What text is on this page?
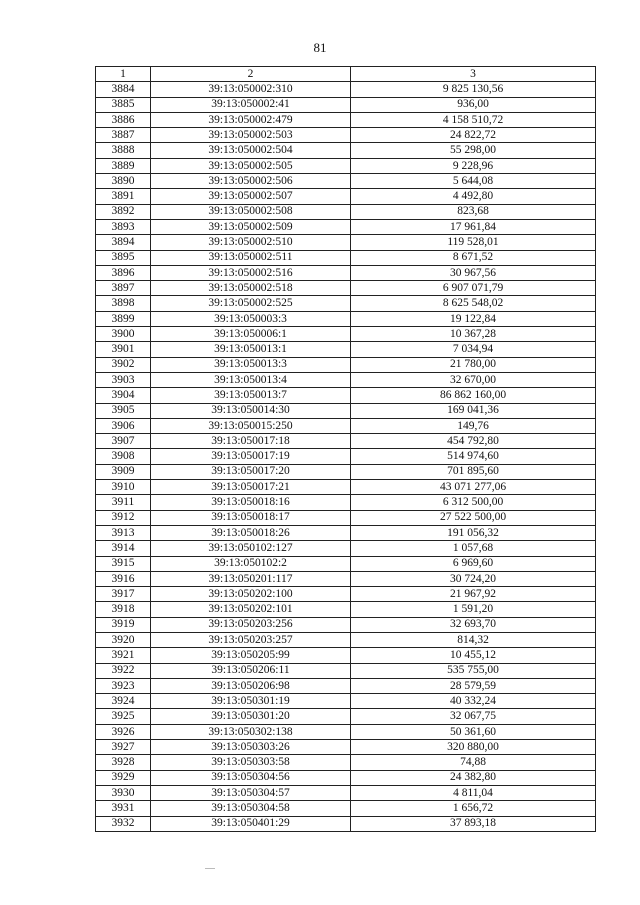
81
1	2	3
3884	39:13:050002:310	9 825 130,56
3885	39:13:050002:41	936,00
3886	39:13:050002:479	4 158 510,72
3887	39:13:050002:503	24 822,72
3888	39:13:050002:504	55 298,00
3889	39:13:050002:505	9 228,96
3890	39:13:050002:506	5 644,08
3891	39:13:050002:507	4 492,80
3892	39:13:050002:508	823,68
3893	39:13:050002:509	17 961,84
3894	39:13:050002:510	119 528,01
3895	39:13:050002:511	8 671,52
3896	39:13:050002:516	30 967,56
3897	39:13:050002:518	6 907 071,79
3898	39:13:050002:525	8 625 548,02
3899	39:13:050003:3	19 122,84
3900	39:13:050006:1	10 367,28
3901	39:13:050013:1	7 034,94
3902	39:13:050013:3	21 780,00
3903	39:13:050013:4	32 670,00
3904	39:13:050013:7	86 862 160,00
3905	39:13:050014:30	169 041,36
3906	39:13:050015:250	149,76
3907	39:13:050017:18	454 792,80
3908	39:13:050017:19	514 974,60
3909	39:13:050017:20	701 895,60
3910	39:13:050017:21	43 071 277,06
3911	39:13:050018:16	6 312 500,00
3912	39:13:050018:17	27 522 500,00
3913	39:13:050018:26	191 056,32
3914	39:13:050102:127	1 057,68
3915	39:13:050102:2	6 969,60
3916	39:13:050201:117	30 724,20
3917	39:13:050202:100	21 967,92
3918	39:13:050202:101	1 591,20
3919	39:13:050203:256	32 693,70
3920	39:13:050203:257	814,32
3921	39:13:050205:99	10 455,12
3922	39:13:050206:11	535 755,00
3923	39:13:050206:98	28 579,59
3924	39:13:050301:19	40 332,24
3925	39:13:050301:20	32 067,75
3926	39:13:050302:138	50 361,60
3927	39:13:050303:26	320 880,00
3928	39:13:050303:58	74,88
3929	39:13:050304:56	24 382,80
3930	39:13:050304:57	4 811,04
3931	39:13:050304:58	1 656,72
3932	39:13:050401:29	37 893,18
